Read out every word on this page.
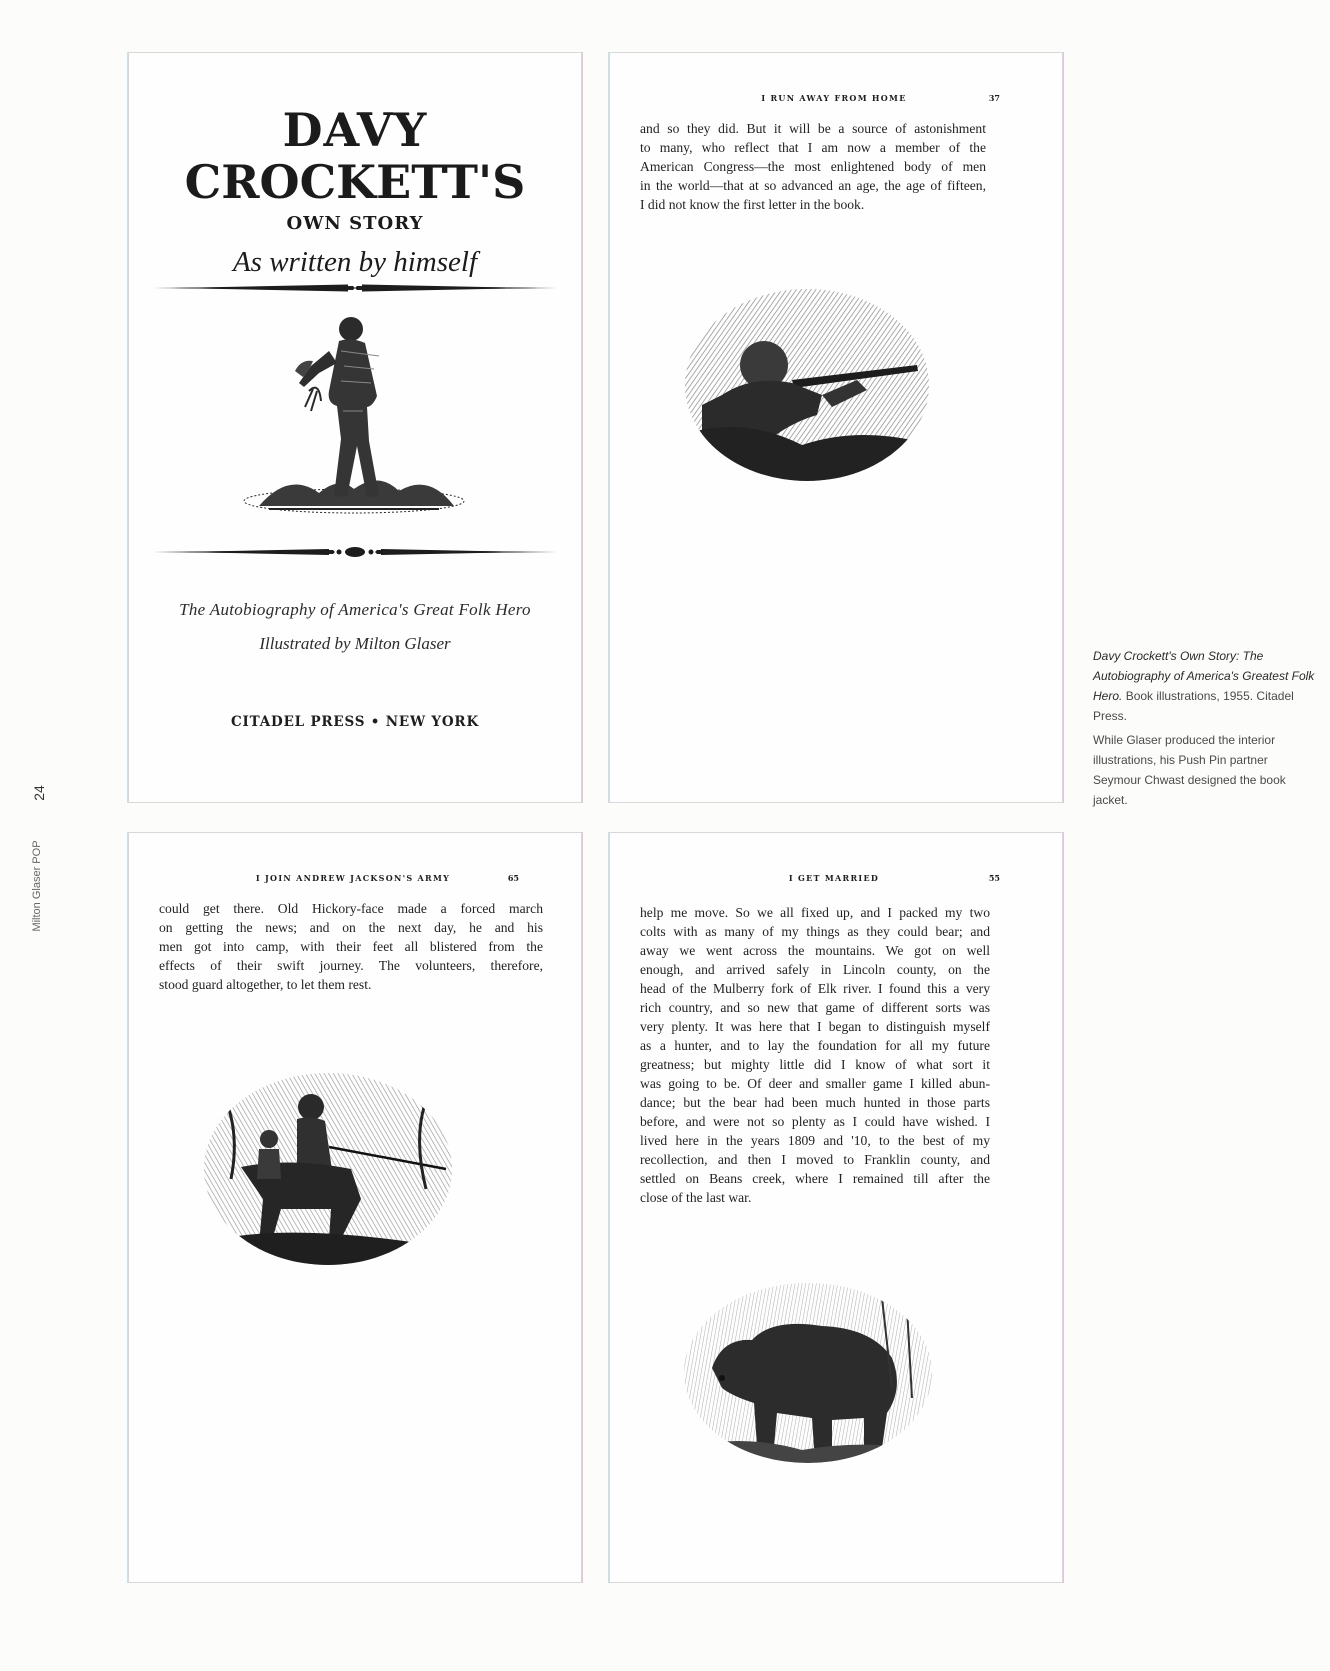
24
Milton Glaser POP
DAVY
CROCKETT'S
OWN STORY
As written by himself
The Autobiography of America's Great Folk Hero
Illustrated by Milton Glaser
CITADEL PRESS • NEW YORK
I RUN AWAY FROM HOME	37
and so they did. But it will be a source of astonishment
to many, who reflect that I am now a member of the
American Congress—the most enlightened body of men
in the world—that at so advanced an age, the age of fifteen,
I did not know the first letter in the book.
I JOIN ANDREW JACKSON'S ARMY	65
could get there. Old Hickory-face made a forced march
on getting the news; and on the next day, he and his
men got into camp, with their feet all blistered from the
effects of their swift journey. The volunteers, therefore,
stood guard altogether, to let them rest.
I GET MARRIED	55
help me move. So we all fixed up, and I packed my two
colts with as many of my things as they could bear; and
away we went across the mountains. We got on well
enough, and arrived safely in Lincoln county, on the
head of the Mulberry fork of Elk river. I found this a very
rich country, and so new that game of different sorts was
very plenty. It was here that I began to distinguish myself
as a hunter, and to lay the foundation for all my future
greatness; but mighty little did I know of what sort it
was going to be. Of deer and smaller game I killed abun-
dance; but the bear had been much hunted in those parts
before, and were not so plenty as I could have wished. I
lived here in the years 1809 and '10, to the best of my
recollection, and then I moved to Franklin county, and
settled on Beans creek, where I remained till after the
close of the last war.

Davy Crockett's Own Story: The Autobiography of America's Greatest Folk Hero. Book illustrations, 1955. Citadel Press.

While Glaser produced the interior illustrations, his Push Pin partner Seymour Chwast designed the book jacket.
